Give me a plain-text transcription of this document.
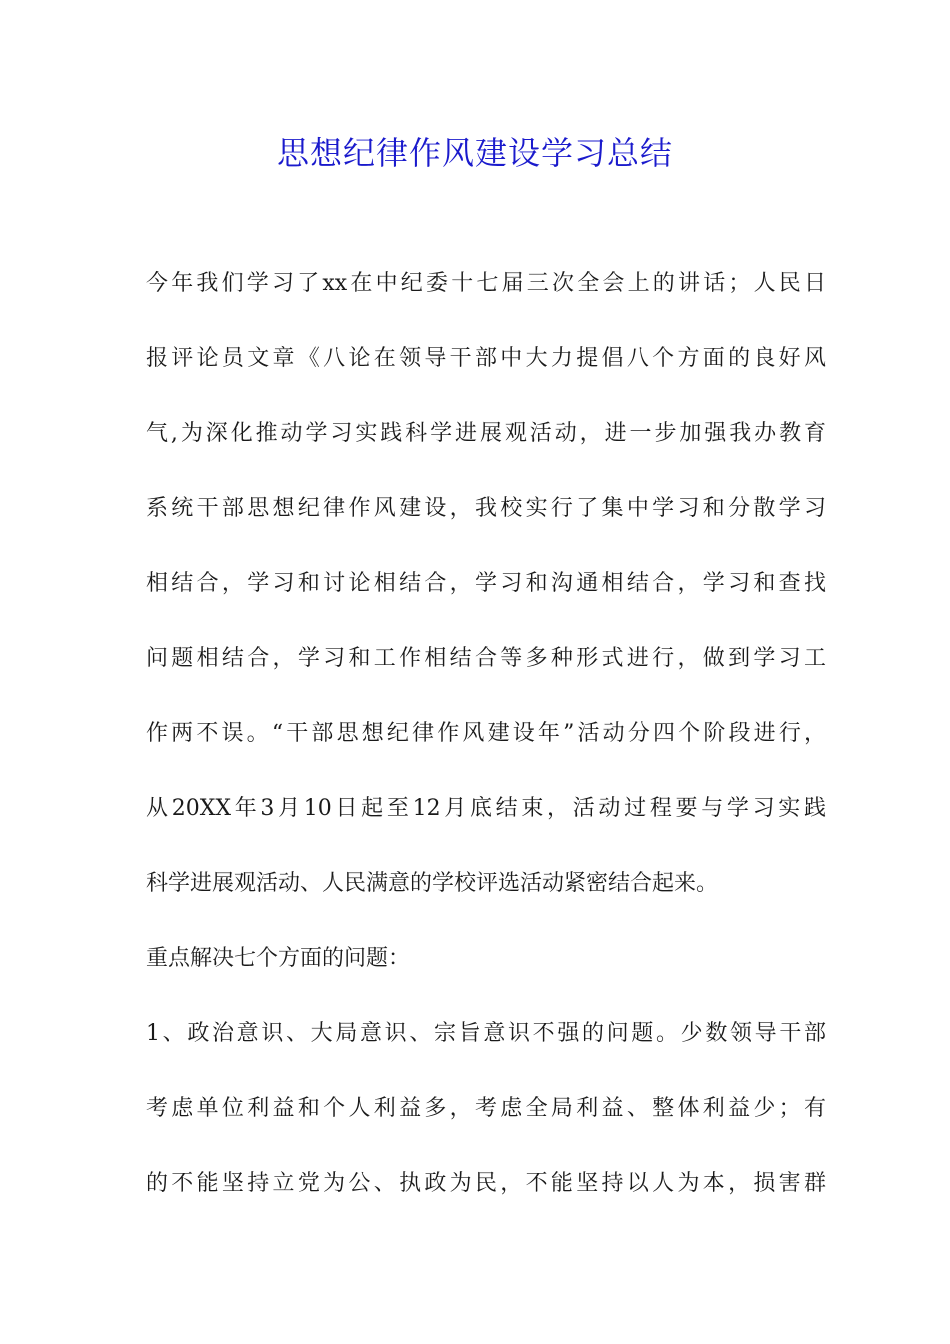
思想纪律作风建设学习总结
今年我们学习了xx在中纪委十七届三次全会上的讲话；人民日
报评论员文章《八论在领导干部中大力提倡八个方面的良好风
气,为深化推动学习实践科学进展观活动，进一步加强我办教育
系统干部思想纪律作风建设，我校实行了集中学习和分散学习
相结合，学习和讨论相结合，学习和沟通相结合，学习和查找
问题相结合，学习和工作相结合等多种形式进行，做到学习工
作两不误。“干部思想纪律作风建设年”活动分四个阶段进行，
从20XX年3月10日起至12月底结束，活动过程要与学习实践
科学进展观活动、人民满意的学校评选活动紧密结合起来。
重点解决七个方面的问题：
1、政治意识、大局意识、宗旨意识不强的问题。少数领导干部
考虑单位利益和个人利益多，考虑全局利益、整体利益少；有
的不能坚持立党为公、执政为民，不能坚持以人为本，损害群
